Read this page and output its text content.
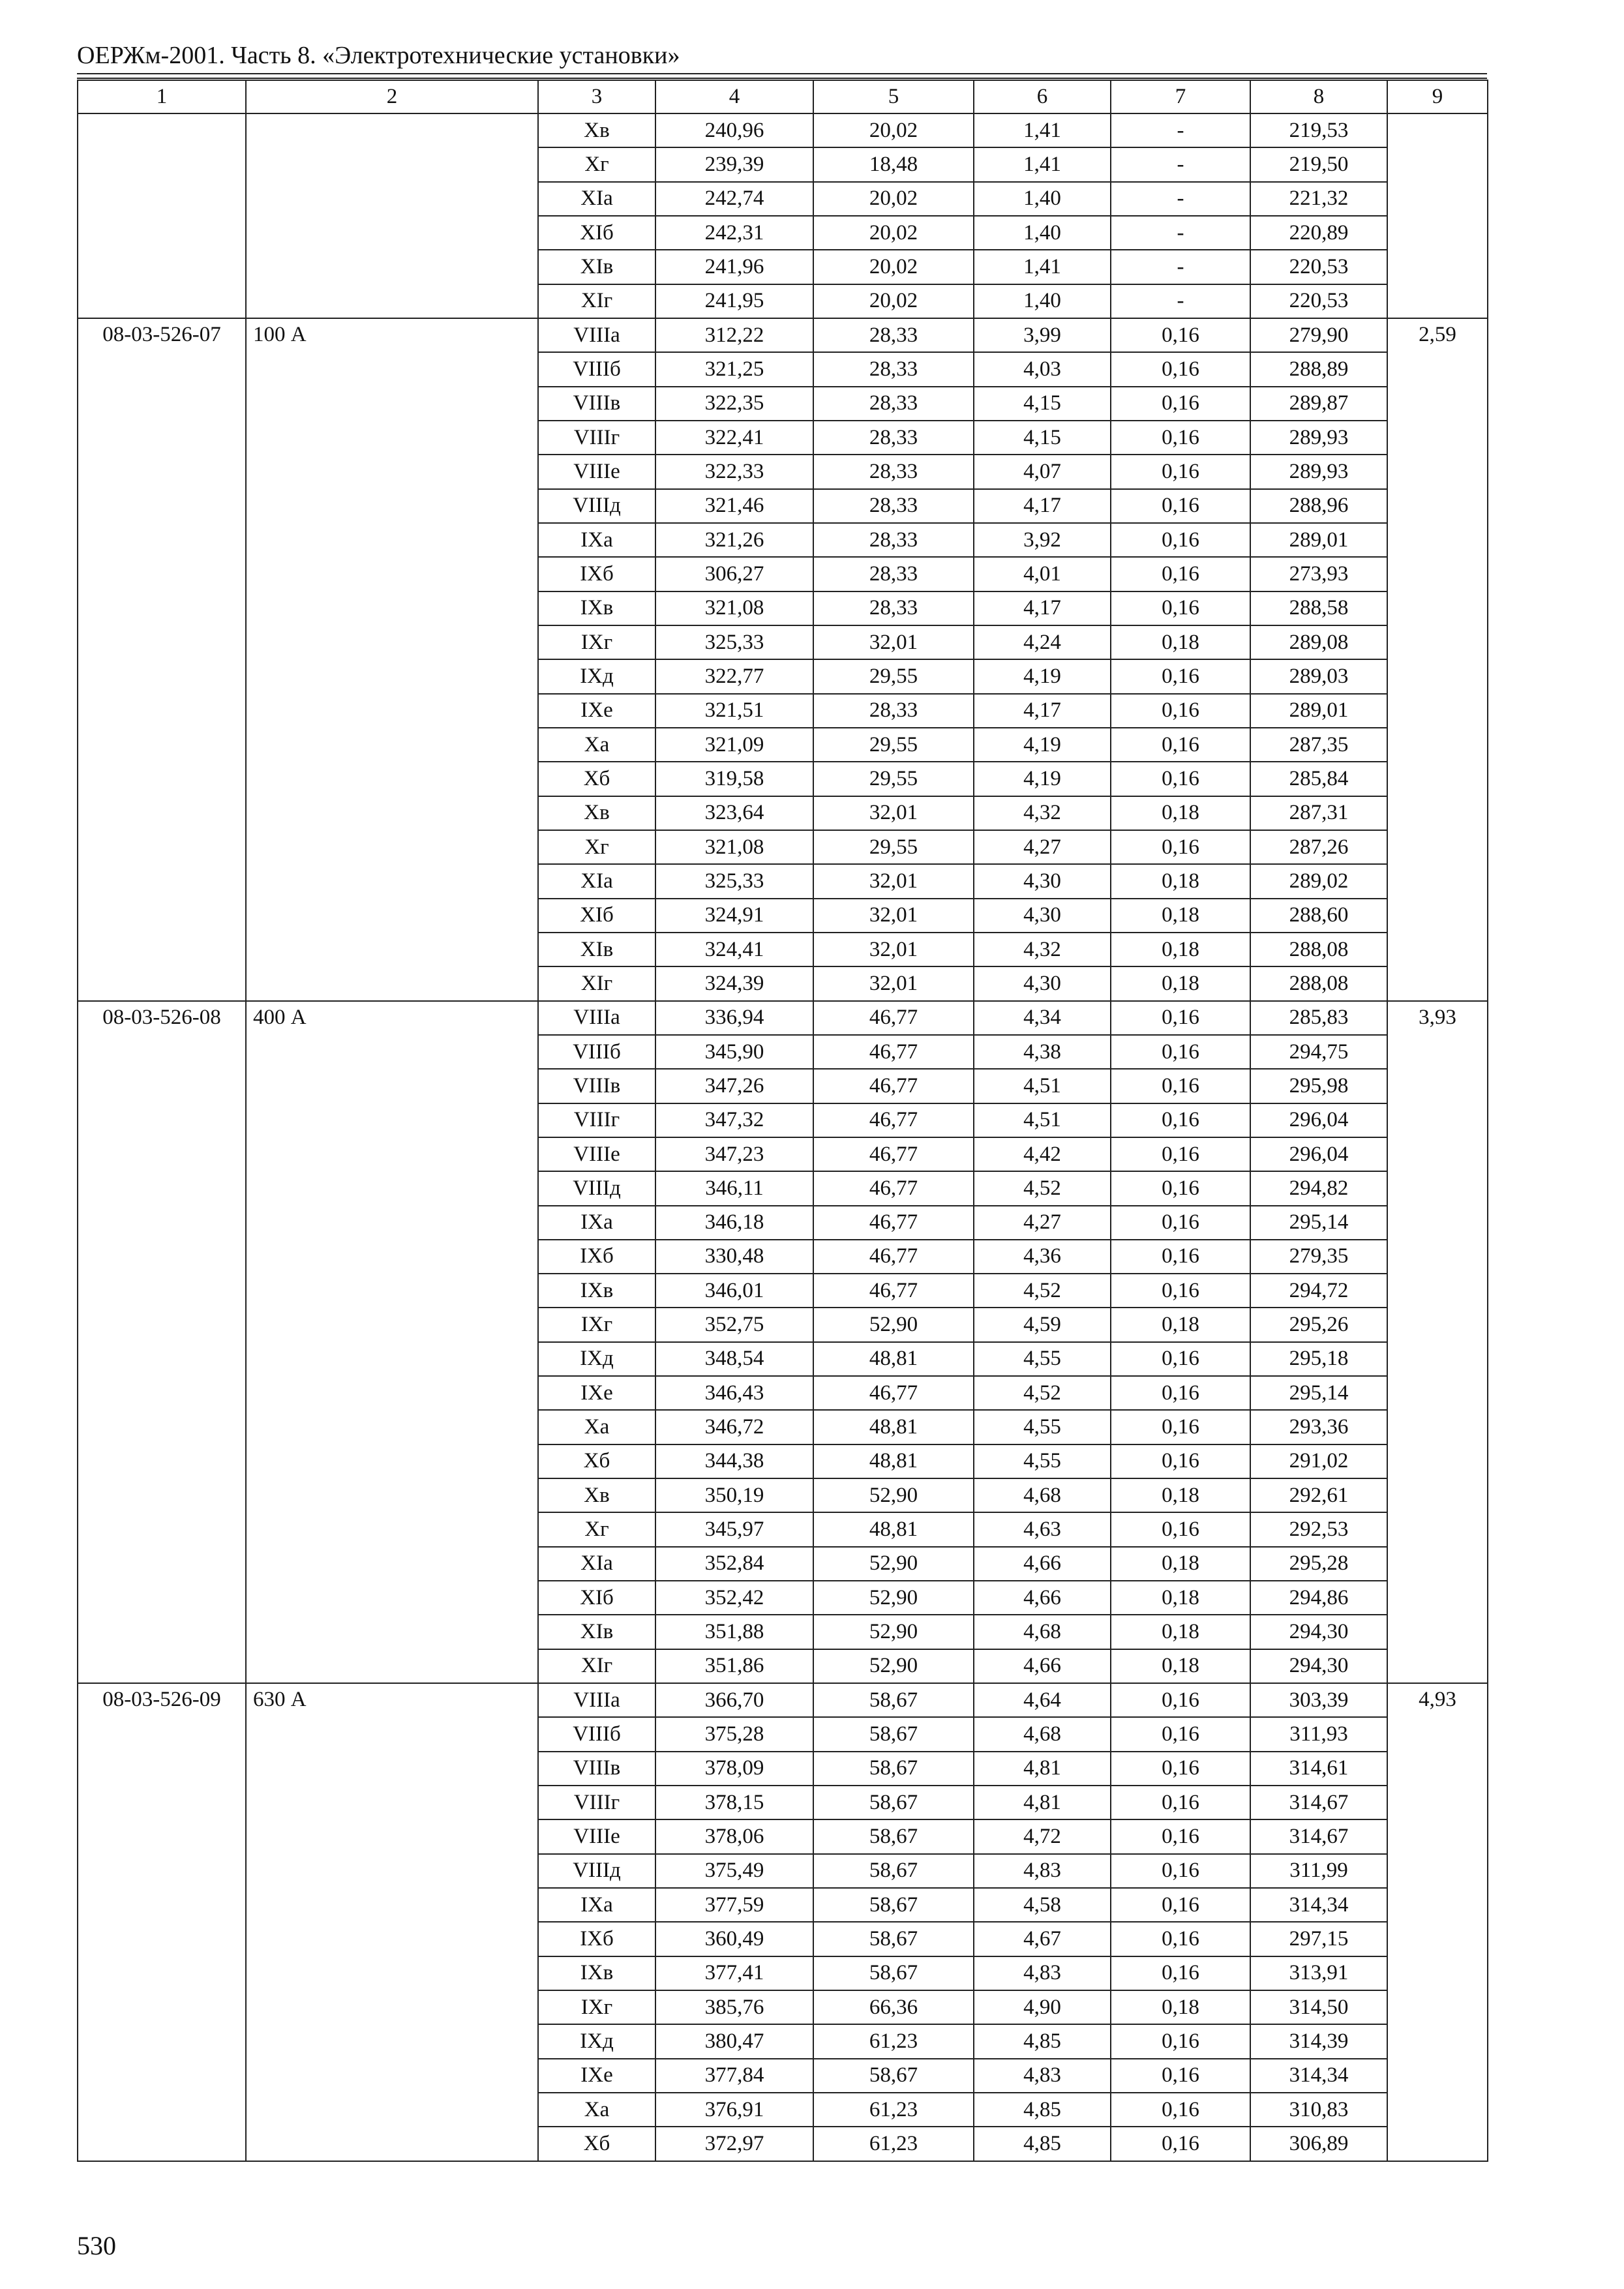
ОЕРЖм-2001. Часть 8. «Электротехнические установки»
1	2	3	4	5	6	7	8	9
		Хв	240,96	20,02	1,41	-	219,53	
		Хг	239,39	18,48	1,41	-	219,50	
		ХIа	242,74	20,02	1,40	-	221,32	
		ХIб	242,31	20,02	1,40	-	220,89	
		ХIв	241,96	20,02	1,41	-	220,53	
		ХIг	241,95	20,02	1,40	-	220,53	
08-03-526-07	100 А	VIIIа	312,22	28,33	3,99	0,16	279,90	2,59
		VIIIб	321,25	28,33	4,03	0,16	288,89	
		VIIIв	322,35	28,33	4,15	0,16	289,87	
		VIIIг	322,41	28,33	4,15	0,16	289,93	
		VIIIе	322,33	28,33	4,07	0,16	289,93	
		VIIIд	321,46	28,33	4,17	0,16	288,96	
		IХа	321,26	28,33	3,92	0,16	289,01	
		IХб	306,27	28,33	4,01	0,16	273,93	
		IХв	321,08	28,33	4,17	0,16	288,58	
		IХг	325,33	32,01	4,24	0,18	289,08	
		IХд	322,77	29,55	4,19	0,16	289,03	
		IХе	321,51	28,33	4,17	0,16	289,01	
		Ха	321,09	29,55	4,19	0,16	287,35	
		Хб	319,58	29,55	4,19	0,16	285,84	
		Хв	323,64	32,01	4,32	0,18	287,31	
		Хг	321,08	29,55	4,27	0,16	287,26	
		ХIа	325,33	32,01	4,30	0,18	289,02	
		ХIб	324,91	32,01	4,30	0,18	288,60	
		ХIв	324,41	32,01	4,32	0,18	288,08	
		ХIг	324,39	32,01	4,30	0,18	288,08	
08-03-526-08	400 А	VIIIа	336,94	46,77	4,34	0,16	285,83	3,93
		VIIIб	345,90	46,77	4,38	0,16	294,75	
		VIIIв	347,26	46,77	4,51	0,16	295,98	
		VIIIг	347,32	46,77	4,51	0,16	296,04	
		VIIIе	347,23	46,77	4,42	0,16	296,04	
		VIIIд	346,11	46,77	4,52	0,16	294,82	
		IХа	346,18	46,77	4,27	0,16	295,14	
		IХб	330,48	46,77	4,36	0,16	279,35	
		IХв	346,01	46,77	4,52	0,16	294,72	
		IХг	352,75	52,90	4,59	0,18	295,26	
		IХд	348,54	48,81	4,55	0,16	295,18	
		IХе	346,43	46,77	4,52	0,16	295,14	
		Ха	346,72	48,81	4,55	0,16	293,36	
		Хб	344,38	48,81	4,55	0,16	291,02	
		Хв	350,19	52,90	4,68	0,18	292,61	
		Хг	345,97	48,81	4,63	0,16	292,53	
		ХIа	352,84	52,90	4,66	0,18	295,28	
		ХIб	352,42	52,90	4,66	0,18	294,86	
		ХIв	351,88	52,90	4,68	0,18	294,30	
		ХIг	351,86	52,90	4,66	0,18	294,30	
08-03-526-09	630 А	VIIIа	366,70	58,67	4,64	0,16	303,39	4,93
		VIIIб	375,28	58,67	4,68	0,16	311,93	
		VIIIв	378,09	58,67	4,81	0,16	314,61	
		VIIIг	378,15	58,67	4,81	0,16	314,67	
		VIIIе	378,06	58,67	4,72	0,16	314,67	
		VIIIд	375,49	58,67	4,83	0,16	311,99	
		IХа	377,59	58,67	4,58	0,16	314,34	
		IХб	360,49	58,67	4,67	0,16	297,15	
		IХв	377,41	58,67	4,83	0,16	313,91	
		IХг	385,76	66,36	4,90	0,18	314,50	
		IХд	380,47	61,23	4,85	0,16	314,39	
		IХе	377,84	58,67	4,83	0,16	314,34	
		Ха	376,91	61,23	4,85	0,16	310,83	
		Хб	372,97	61,23	4,85	0,16	306,89	
530
